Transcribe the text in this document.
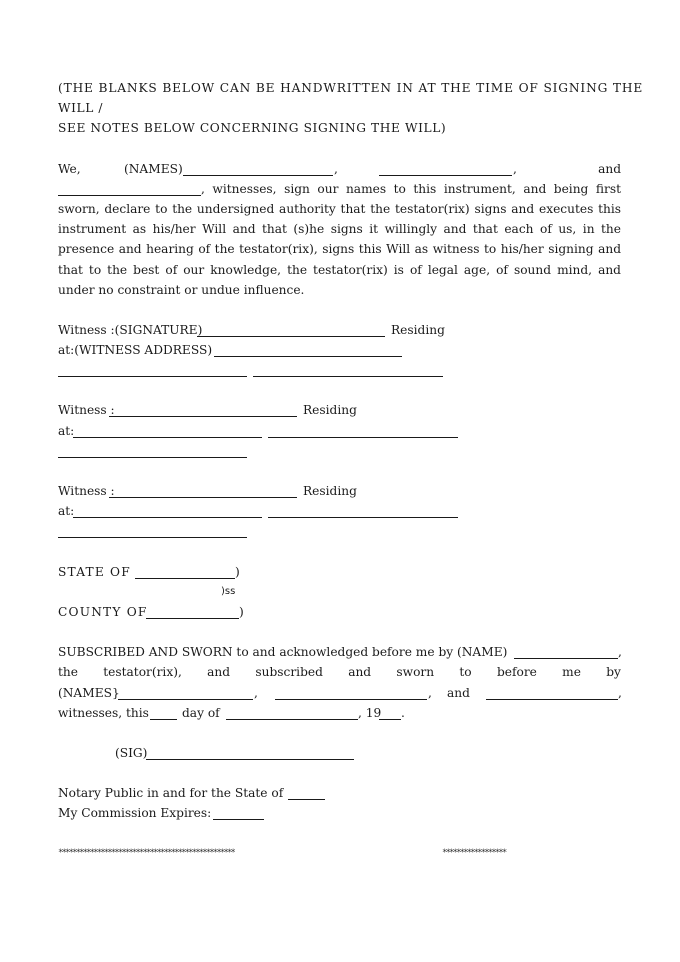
(THE BLANKS BELOW CAN BE HANDWRITTEN IN AT THE TIME OF SIGNING THE
WILL /
SEE NOTES BELOW CONCERNING SIGNING THE WILL)
We,	(NAMES)	,	,	and
, witnesses, sign our names to this instrument, and being first
sworn, declare to the undersigned authority that the testator(rix) signs and executes this
instrument as his/her Will and that (s)he signs it willingly and that each of us, in the
presence and hearing of the testator(rix), signs this Will as witness to his/her signing and
that to the best of our knowledge, the testator(rix) is of legal age, of sound mind, and
under no constraint or undue influence.
Witness :(SIGNATURE)	Residing
at:(WITNESS ADDRESS)
Witness :	Residing
at:
Witness :	Residing
at:
STATE OF	)
)ss
COUNTY OF	)
SUBSCRIBED AND SWORN to and acknowledged before me by (NAME)	,
the testator(rix), and subscribed and sworn to before me by
(NAMES}	,	, and	,
witnesses, this	day of	, 19 .
(SIG)
Notary Public in and for the State of
My Commission Expires:
**************************************************	******************
